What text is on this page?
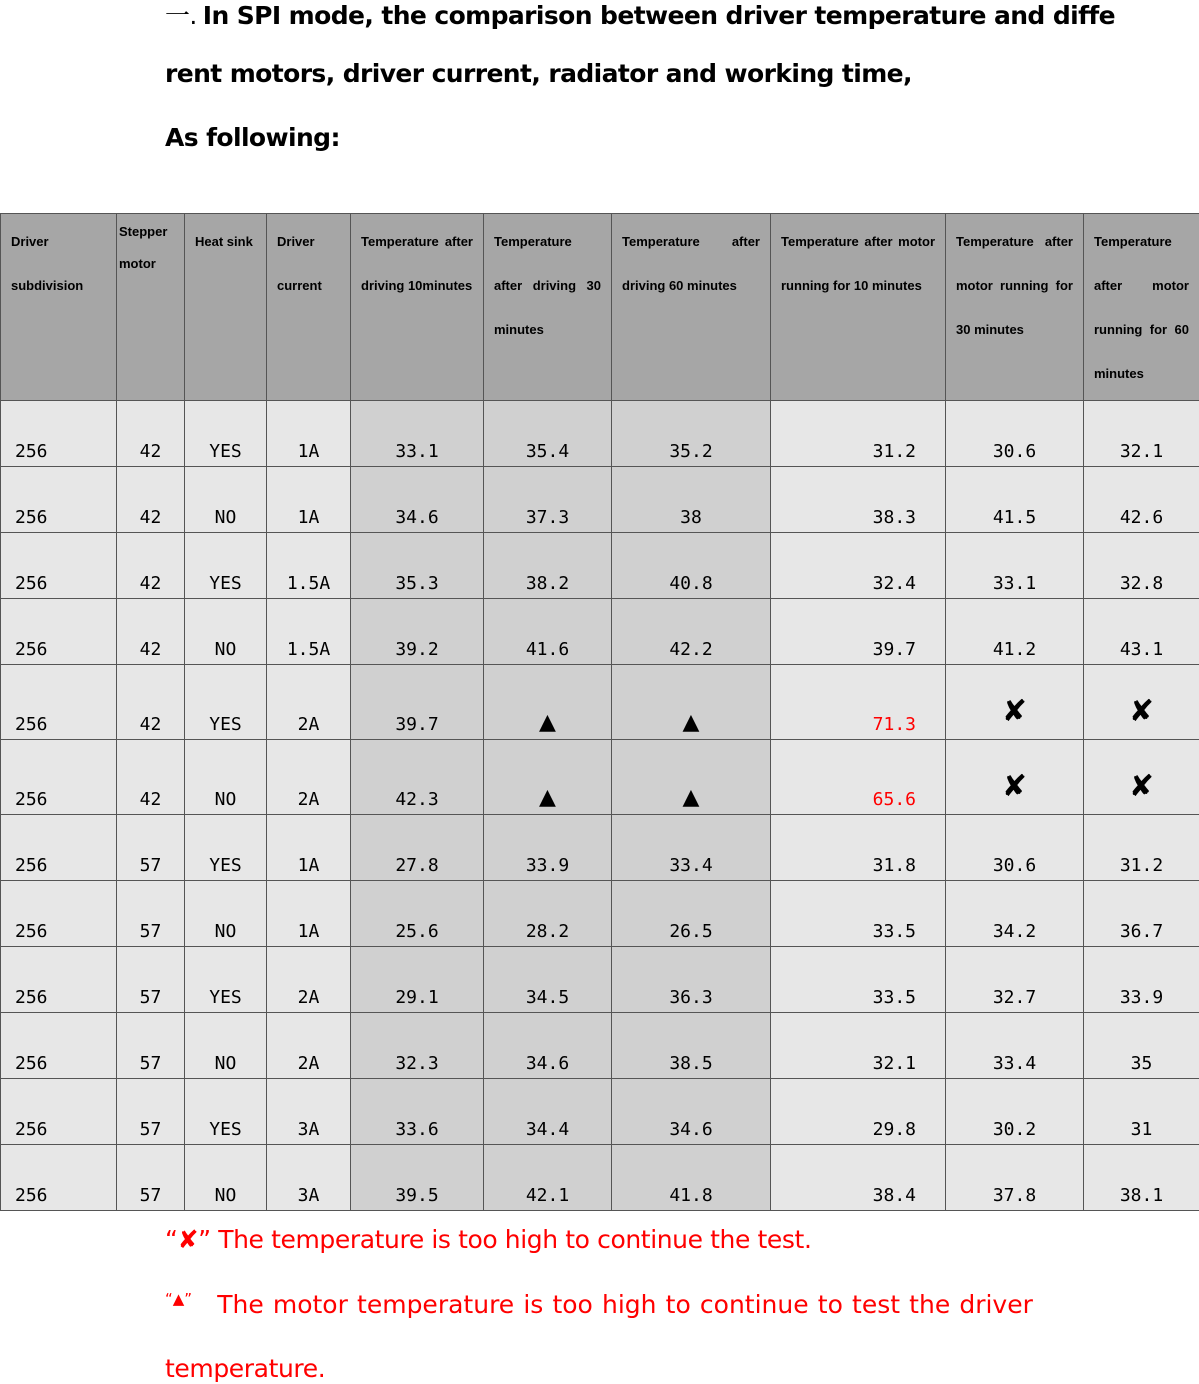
一. In SPI mode, the comparison between driver temperature and diffe
rent motors, driver current, radiator and working time,
As following:
Driver subdivision	Stepper motor	Heat sink	Driver current	Temperature after driving 10minutes	Temperature after driving 30 minutes	Temperature after driving 60 minutes	Temperature after motor running for 10 minutes	Temperature after motor running for 30 minutes	Temperature after motor running for 60 minutes
256	42	YES	1A	33.1	35.4	35.2	31.2	30.6	32.1
256	42	NO	1A	34.6	37.3	38	38.3	41.5	42.6
256	42	YES	1.5A	35.3	38.2	40.8	32.4	33.1	32.8
256	42	NO	1.5A	39.2	41.6	42.2	39.7	41.2	43.1
256	42	YES	2A	39.7	▲	▲	71.3	✘	✘
256	42	NO	2A	42.3	▲	▲	65.6	✘	✘
256	57	YES	1A	27.8	33.9	33.4	31.8	30.6	31.2
256	57	NO	1A	25.6	28.2	26.5	33.5	34.2	36.7
256	57	YES	2A	29.1	34.5	36.3	33.5	32.7	33.9
256	57	NO	2A	32.3	34.6	38.5	32.1	33.4	35
256	57	YES	3A	33.6	34.4	34.6	29.8	30.2	31
256	57	NO	3A	39.5	42.1	41.8	38.4	37.8	38.1
“✘” The temperature is too high to continue the test.
“▲” The motor temperature is too high to continue to test the driver
temperature.
